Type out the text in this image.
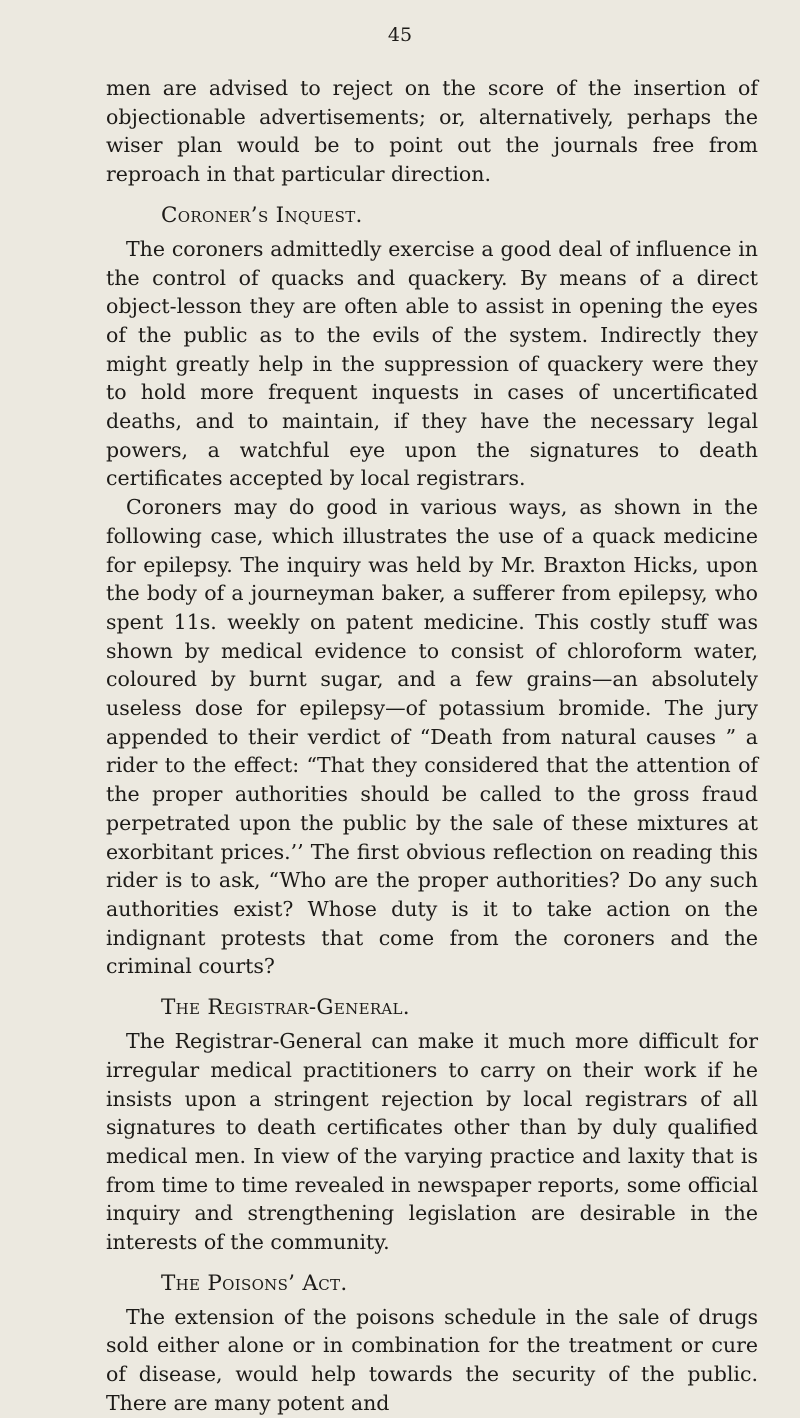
45

men are advised to reject on the score of the insertion of objectionable advertisements; or, alternatively, perhaps the wiser plan would be to point out the journals free from reproach in that particular direction.

Coroner’s Inquest.

The coroners admittedly exercise a good deal of influence in the control of quacks and quackery. By means of a direct object-lesson they are often able to assist in opening the eyes of the public as to the evils of the system. Indirectly they might greatly help in the suppression of quackery were they to hold more frequent inquests in cases of uncertificated deaths, and to maintain, if they have the necessary legal powers, a watchful eye upon the signatures to death certificates accepted by local registrars.

Coroners may do good in various ways, as shown in the following case, which illustrates the use of a quack medicine for epilepsy. The inquiry was held by Mr. Braxton Hicks, upon the body of a journeyman baker, a sufferer from epilepsy, who spent 11s. weekly on patent medicine. This costly stuff was shown by medical evidence to consist of chloroform water, coloured by burnt sugar, and a few grains—an absolutely useless dose for epilepsy—of potassium bromide. The jury appended to their verdict of “Death from natural causes ” a rider to the effect: “That they considered that the attention of the proper authorities should be called to the gross fraud perpetrated upon the public by the sale of these mixtures at exorbitant prices.’’ The first obvious reflection on reading this rider is to ask, “Who are the proper authorities? Do any such authorities exist? Whose duty is it to take action on the indignant protests that come from the coroners and the criminal courts?

The Registrar-General.

The Registrar-General can make it much more difficult for irregular medical practitioners to carry on their work if he insists upon a stringent rejection by local registrars of all signatures to death certificates other than by duly qualified medical men. In view of the varying practice and laxity that is from time to time revealed in newspaper reports, some official inquiry and strengthening legislation are desirable in the interests of the community.

The Poisons’ Act.

The extension of the poisons schedule in the sale of drugs sold either alone or in combination for the treatment or cure of disease, would help towards the security of the public. There are many potent and
